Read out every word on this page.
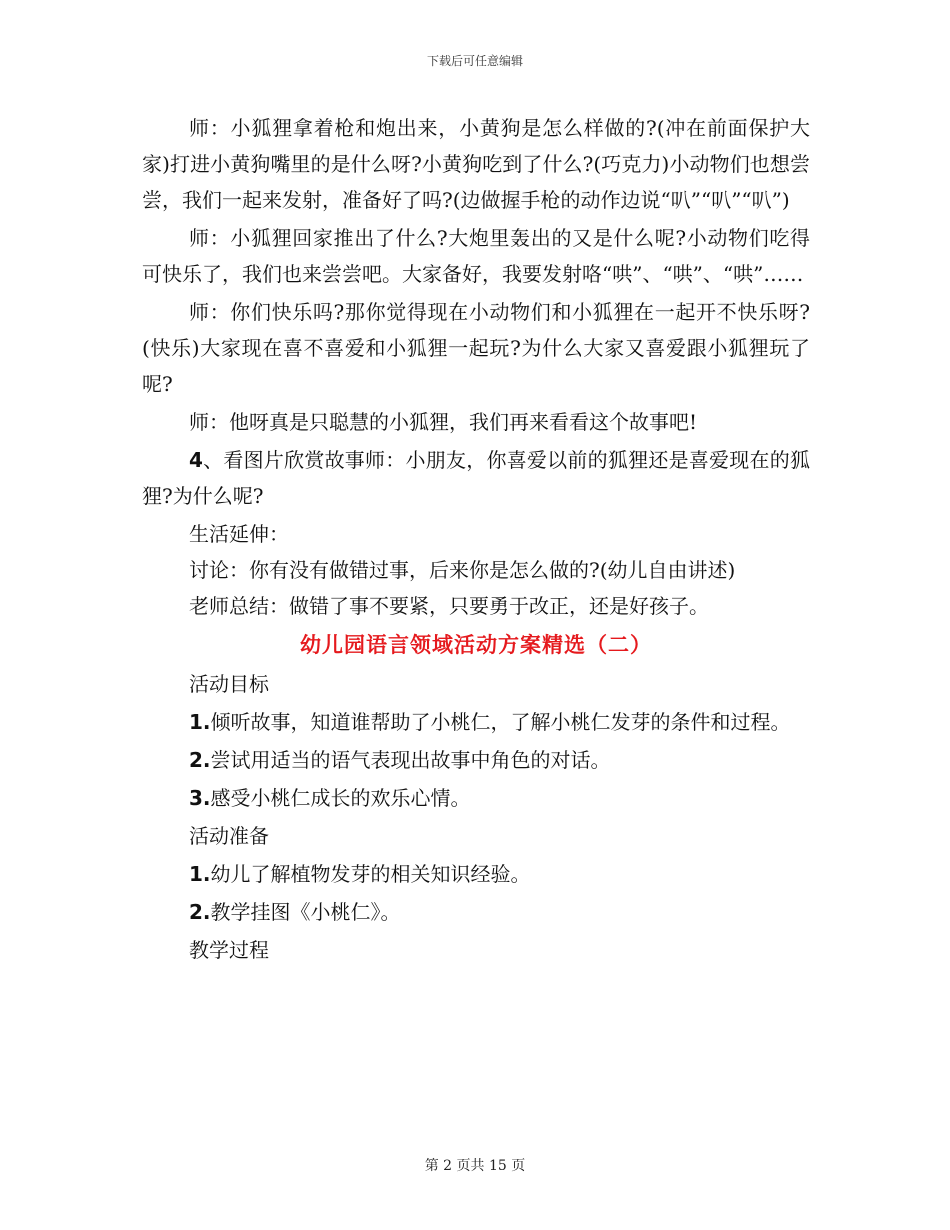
下载后可任意编辑

师：小狐狸拿着枪和炮出来，小黄狗是怎么样做的?(冲在前面保护大家)打进小黄狗嘴里的是什么呀?小黄狗吃到了什么?(巧克力)小动物们也想尝尝，我们一起来发射，准备好了吗?(边做握手枪的动作边说“叭”“叭”“叭”)

师：小狐狸回家推出了什么?大炮里轰出的又是什么呢?小动物们吃得可快乐了，我们也来尝尝吧。大家备好，我要发射咯“哄”、“哄”、“哄”……

师：你们快乐吗?那你觉得现在小动物们和小狐狸在一起开不快乐呀?(快乐)大家现在喜不喜爱和小狐狸一起玩?为什么大家又喜爱跟小狐狸玩了呢?

师：他呀真是只聪慧的小狐狸，我们再来看看这个故事吧!

4、看图片欣赏故事师：小朋友，你喜爱以前的狐狸还是喜爱现在的狐狸?为什么呢?

生活延伸：

讨论：你有没有做错过事，后来你是怎么做的?(幼儿自由讲述)

老师总结：做错了事不要紧，只要勇于改正，还是好孩子。

幼儿园语言领域活动方案精选（二）

活动目标

1.倾听故事，知道谁帮助了小桃仁，了解小桃仁发芽的条件和过程。

2.尝试用适当的语气表现出故事中角色的对话。

3.感受小桃仁成长的欢乐心情。

活动准备

1.幼儿了解植物发芽的相关知识经验。

2.教学挂图《小桃仁》。

教学过程

第 2 页共 15 页
